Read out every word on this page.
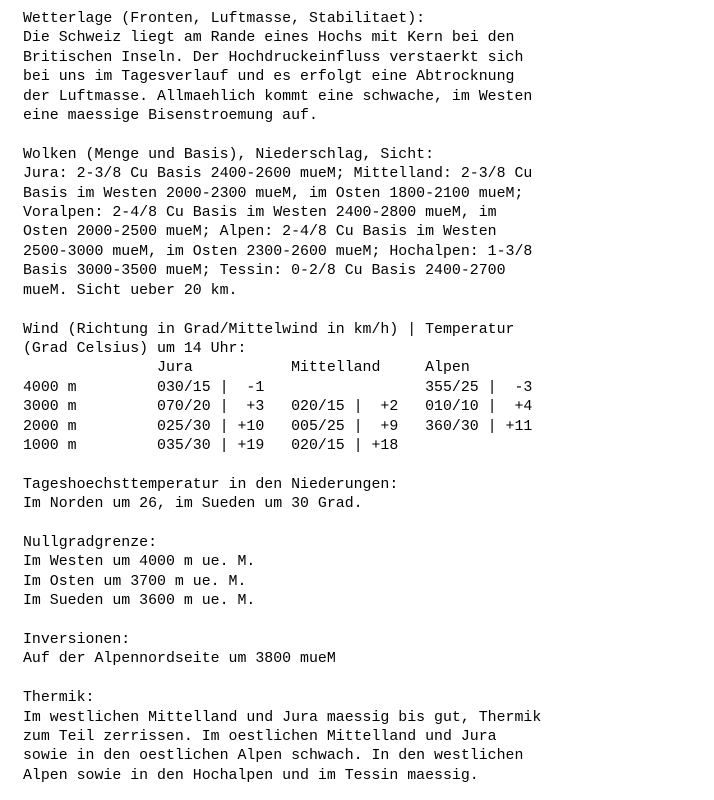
Wetterlage (Fronten, Luftmasse, Stabilitaet):
Die Schweiz liegt am Rande eines Hochs mit Kern bei den
Britischen Inseln. Der Hochdruckeinfluss verstaerkt sich
bei uns im Tagesverlauf und es erfolgt eine Abtrocknung
der Luftmasse. Allmaehlich kommt eine schwache, im Westen
eine maessige Bisenstroemung auf.

Wolken (Menge und Basis), Niederschlag, Sicht:
Jura: 2-3/8 Cu Basis 2400-2600 mueM; Mittelland: 2-3/8 Cu
Basis im Westen 2000-2300 mueM, im Osten 1800-2100 mueM;
Voralpen: 2-4/8 Cu Basis im Westen 2400-2800 mueM, im
Osten 2000-2500 mueM; Alpen: 2-4/8 Cu Basis im Westen
2500-3000 mueM, im Osten 2300-2600 mueM; Hochalpen: 1-3/8
Basis 3000-3500 mueM; Tessin: 0-2/8 Cu Basis 2400-2700
mueM. Sicht ueber 20 km.

Wind (Richtung in Grad/Mittelwind in km/h) | Temperatur
(Grad Celsius) um 14 Uhr:
Jura           Mittelland     Alpen
4000 m         030/15 |  -1                  355/25 |  -3
3000 m         070/20 |  +3   020/15 |  +2   010/10 |  +4
2000 m         025/30 | +10   005/25 |  +9   360/30 | +11
1000 m         035/30 | +19   020/15 | +18

Tageshoechsttemperatur in den Niederungen:
Im Norden um 26, im Sueden um 30 Grad.

Nullgradgrenze:
Im Westen um 4000 m ue. M.
Im Osten um 3700 m ue. M.
Im Sueden um 3600 m ue. M.

Inversionen:
Auf der Alpennordseite um 3800 mueM

Thermik:
Im westlichen Mittelland und Jura maessig bis gut, Thermik
zum Teil zerrissen. Im oestlichen Mittelland und Jura
sowie in den oestlichen Alpen schwach. In den westlichen
Alpen sowie in den Hochalpen und im Tessin maessig.
